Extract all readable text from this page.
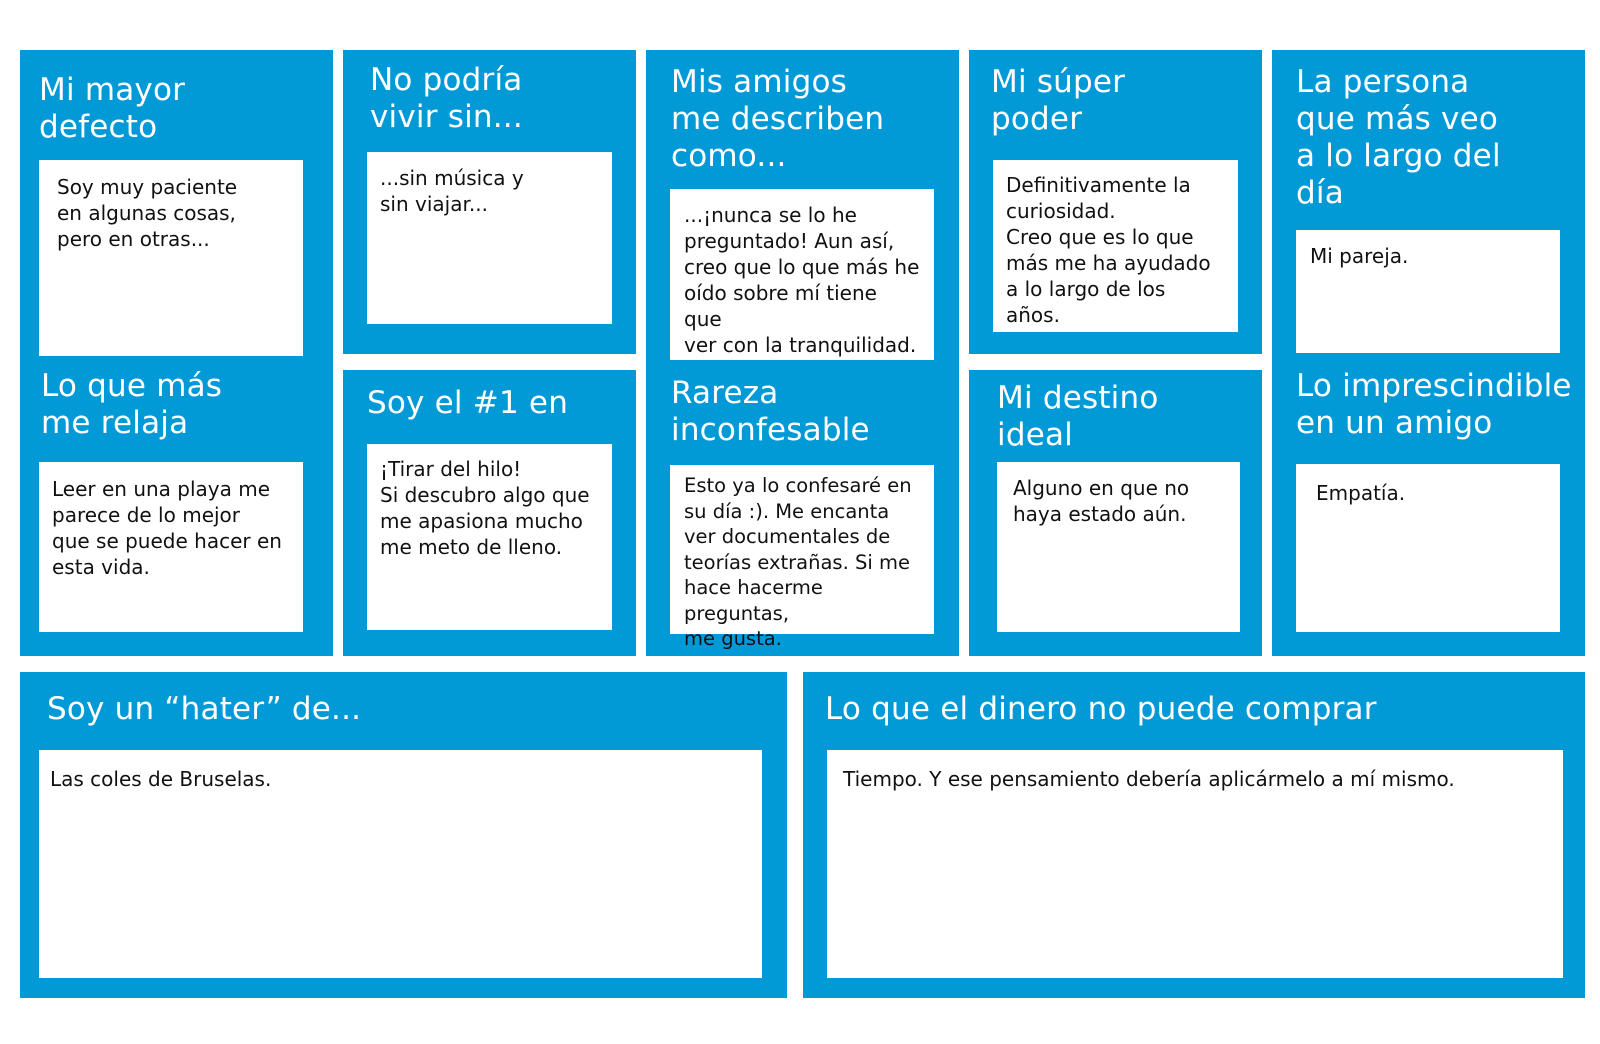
Mi mayor
defecto
Soy muy paciente
en algunas cosas,
pero en otras...
Lo que más
me relaja
Leer en una playa me
parece de lo mejor
que se puede hacer en
esta vida.
No podría
vivir sin...
...sin música y
sin viajar...
Soy el #1 en
¡Tirar del hilo!
Si descubro algo que
me apasiona mucho
me meto de lleno.
Mis amigos
me describen
como...
...¡nunca se lo he
preguntado! Aun así,
creo que lo que más he
oído sobre mí tiene que
ver con la tranquilidad.
Rareza
inconfesable
Esto ya lo confesaré en
su día :). Me encanta
ver documentales de
teorías extrañas. Si me
hace hacerme preguntas,
me gusta.
Mi súper
poder
Definitivamente la
curiosidad.
Creo que es lo que
más me ha ayudado
a lo largo de los años.
Mi destino
ideal
Alguno en que no
haya estado aún.
La persona
que más veo
a lo largo del
día
Mi pareja.
Lo imprescindible
en un amigo
Empatía.
Soy un “hater” de...
Las coles de Bruselas.
Lo que el dinero no puede comprar
Tiempo. Y ese pensamiento debería aplicármelo a mí mismo.
